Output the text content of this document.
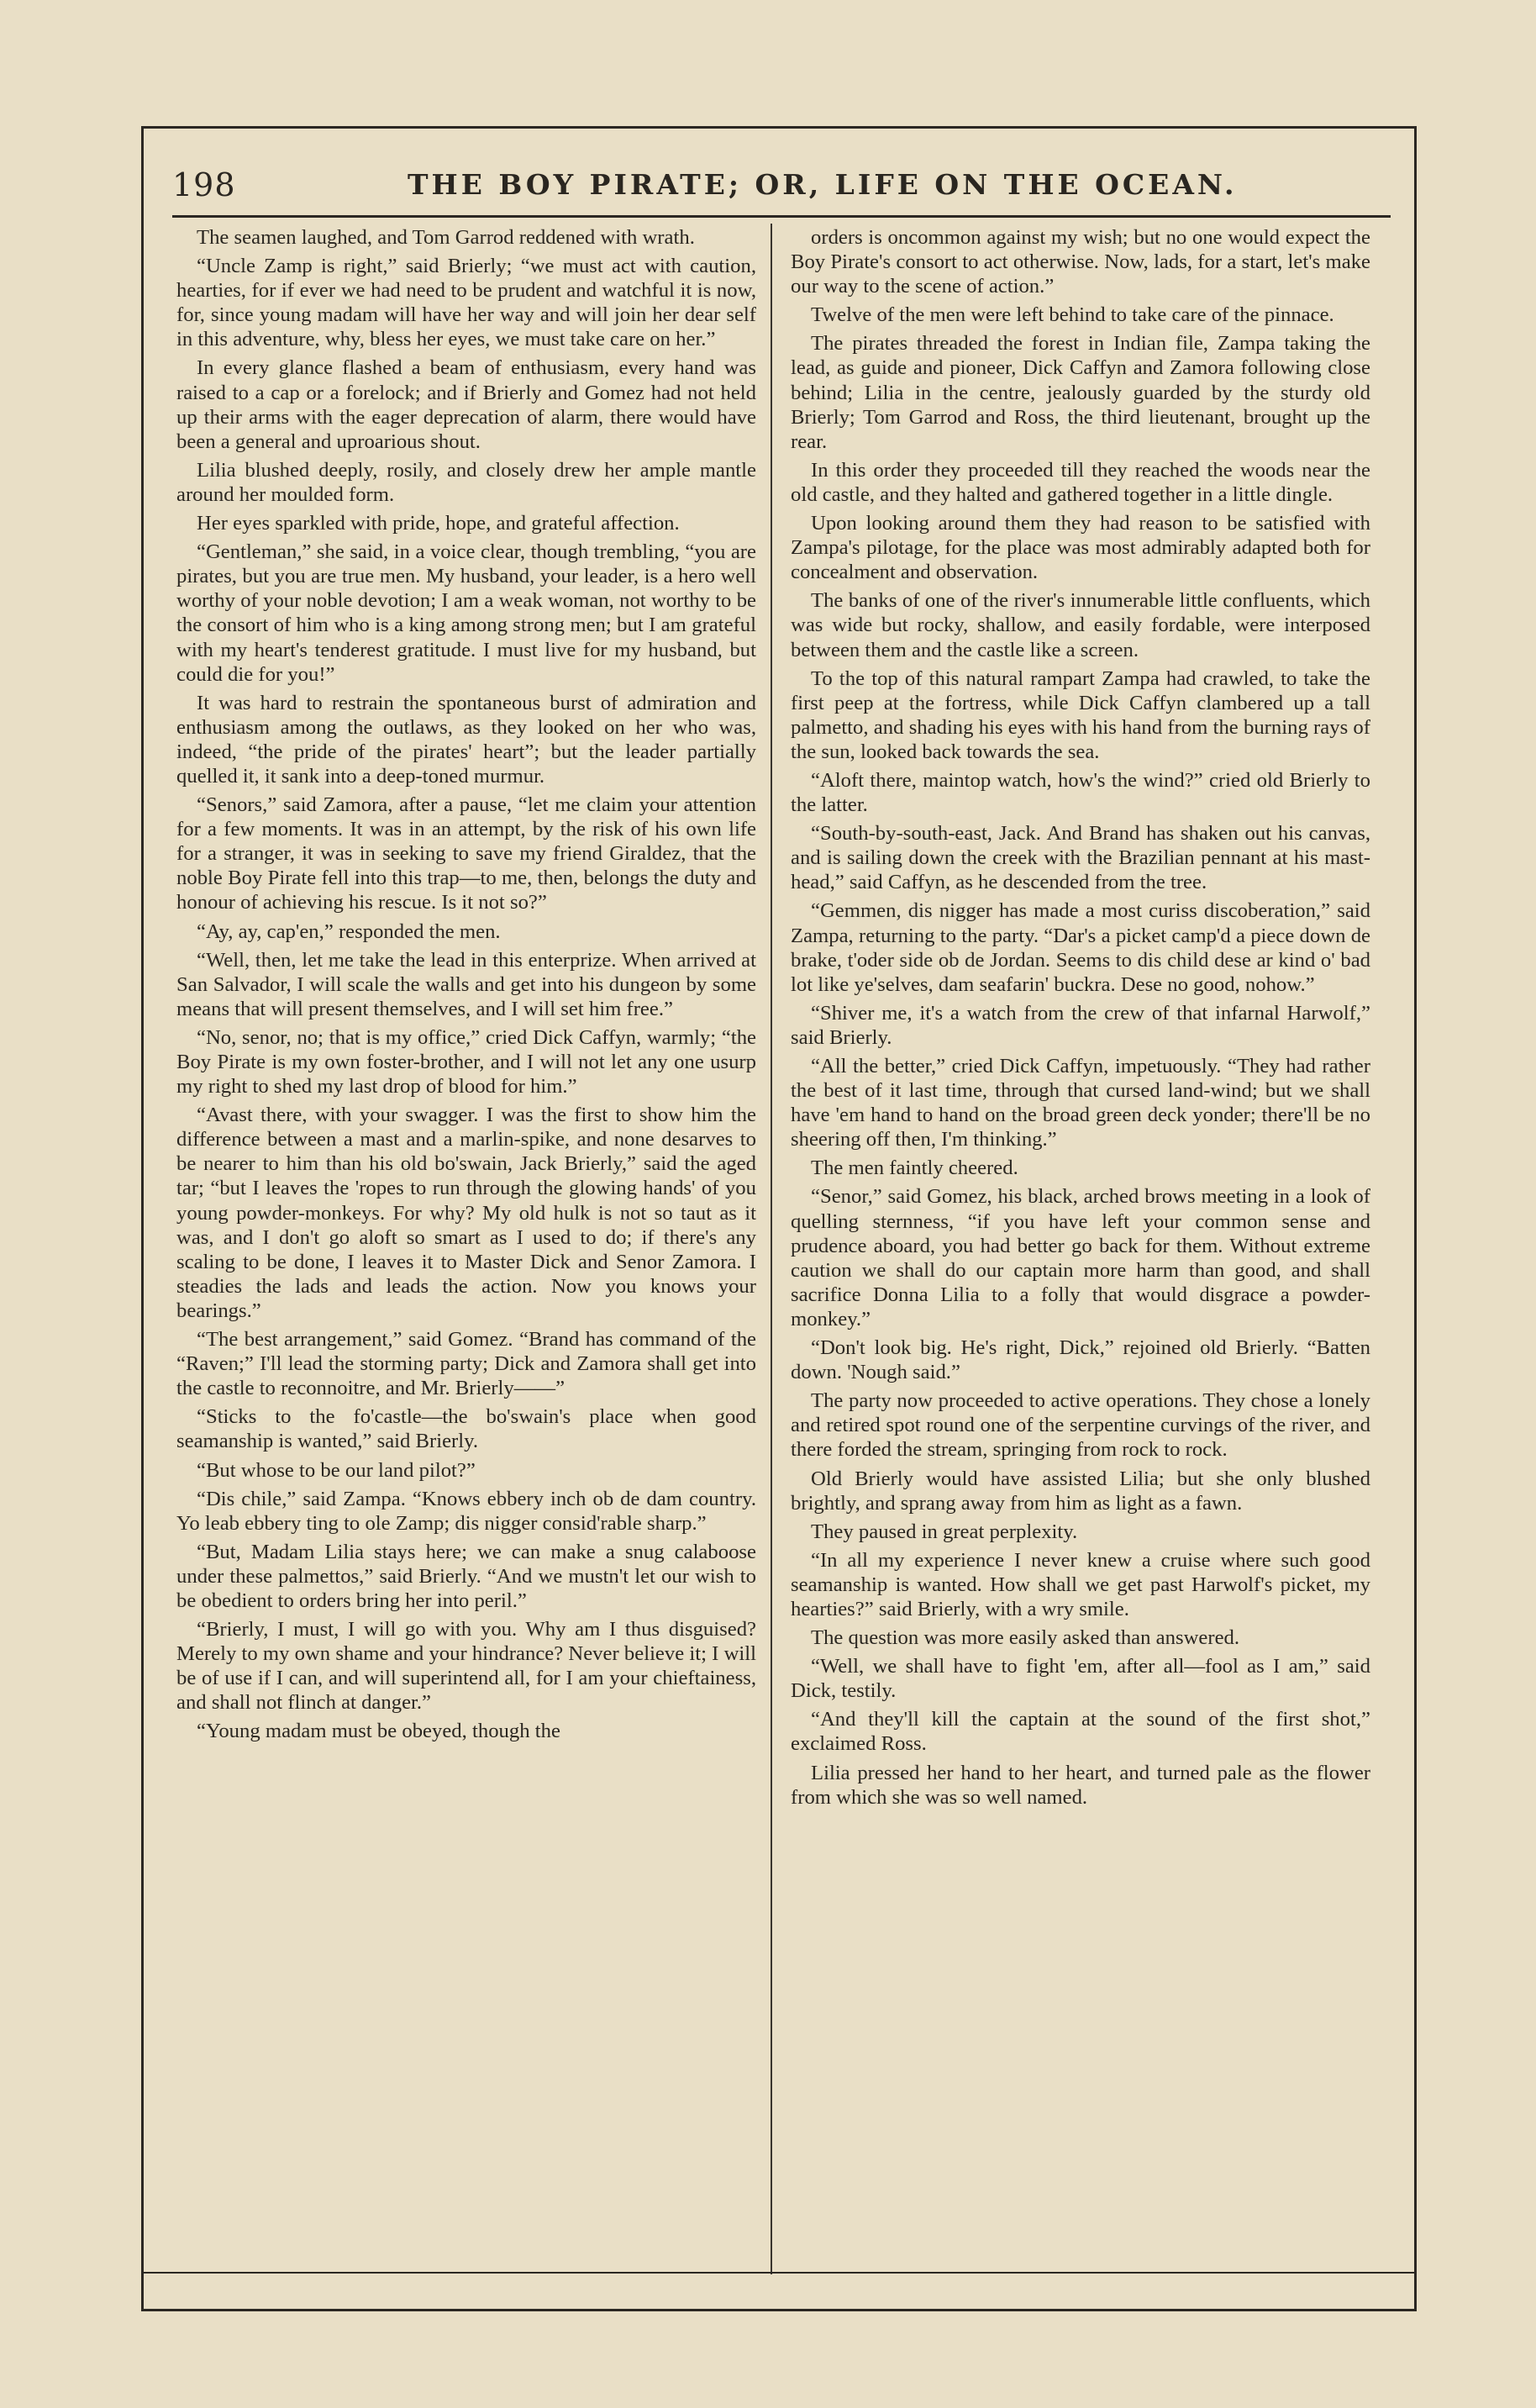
198	THE BOY PIRATE; OR, LIFE ON THE OCEAN.

The seamen laughed, and Tom Garrod reddened with wrath.

“Uncle Zamp is right,” said Brierly; “we must act with caution, hearties, for if ever we had need to be prudent and watchful it is now, for, since young madam will have her way and will join her dear self in this adventure, why, bless her eyes, we must take care on her.”

In every glance flashed a beam of enthusiasm, every hand was raised to a cap or a forelock; and if Brierly and Gomez had not held up their arms with the eager deprecation of alarm, there would have been a general and uproarious shout.

Lilia blushed deeply, rosily, and closely drew her ample mantle around her moulded form.

Her eyes sparkled with pride, hope, and grateful affection.

“Gentleman,” she said, in a voice clear, though trembling, “you are pirates, but you are true men. My husband, your leader, is a hero well worthy of your noble devotion; I am a weak woman, not worthy to be the consort of him who is a king among strong men; but I am grateful with my heart's tenderest gratitude. I must live for my husband, but could die for you!”

It was hard to restrain the spontaneous burst of admiration and enthusiasm among the outlaws, as they looked on her who was, indeed, “the pride of the pirates' heart”; but the leader partially quelled it, it sank into a deep-toned murmur.

“Senors,” said Zamora, after a pause, “let me claim your attention for a few moments. It was in an attempt, by the risk of his own life for a stranger, it was in seeking to save my friend Giraldez, that the noble Boy Pirate fell into this trap—to me, then, belongs the duty and honour of achieving his rescue. Is it not so?”

“Ay, ay, cap'en,” responded the men.

“Well, then, let me take the lead in this enterprize. When arrived at San Salvador, I will scale the walls and get into his dungeon by some means that will present themselves, and I will set him free.”

“No, senor, no; that is my office,” cried Dick Caffyn, warmly; “the Boy Pirate is my own foster-brother, and I will not let any one usurp my right to shed my last drop of blood for him.”

“Avast there, with your swagger. I was the first to show him the difference between a mast and a marlin-spike, and none desarves to be nearer to him than his old bo'swain, Jack Brierly,” said the aged tar; “but I leaves the 'ropes to run through the glowing hands' of you young powder-monkeys. For why? My old hulk is not so taut as it was, and I don't go aloft so smart as I used to do; if there's any scaling to be done, I leaves it to Master Dick and Senor Zamora. I steadies the lads and leads the action. Now you knows your bearings.”

“The best arrangement,” said Gomez. “Brand has command of the “Raven;” I'll lead the storming party; Dick and Zamora shall get into the castle to reconnoitre, and Mr. Brierly——”

“Sticks to the fo'castle—the bo'swain's place when good seamanship is wanted,” said Brierly.

“But whose to be our land pilot?”

“Dis chile,” said Zampa. “Knows ebbery inch ob de dam country. Yo leab ebbery ting to ole Zamp; dis nigger consid'rable sharp.”

“But, Madam Lilia stays here; we can make a snug calaboose under these palmettos,” said Brierly. “And we mustn't let our wish to be obedient to orders bring her into peril.”

“Brierly, I must, I will go with you. Why am I thus disguised? Merely to my own shame and your hindrance? Never believe it; I will be of use if I can, and will superintend all, for I am your chieftainess, and shall not flinch at danger.”

“Young madam must be obeyed, though the

orders is oncommon against my wish; but no one would expect the Boy Pirate's consort to act otherwise. Now, lads, for a start, let's make our way to the scene of action.”

Twelve of the men were left behind to take care of the pinnace.

The pirates threaded the forest in Indian file, Zampa taking the lead, as guide and pioneer, Dick Caffyn and Zamora following close behind; Lilia in the centre, jealously guarded by the sturdy old Brierly; Tom Garrod and Ross, the third lieutenant, brought up the rear.

In this order they proceeded till they reached the woods near the old castle, and they halted and gathered together in a little dingle.

Upon looking around them they had reason to be satisfied with Zampa's pilotage, for the place was most admirably adapted both for concealment and observation.

The banks of one of the river's innumerable little confluents, which was wide but rocky, shallow, and easily fordable, were interposed between them and the castle like a screen.

To the top of this natural rampart Zampa had crawled, to take the first peep at the fortress, while Dick Caffyn clambered up a tall palmetto, and shading his eyes with his hand from the burning rays of the sun, looked back towards the sea.

“Aloft there, maintop watch, how's the wind?” cried old Brierly to the latter.

“South-by-south-east, Jack. And Brand has shaken out his canvas, and is sailing down the creek with the Brazilian pennant at his mast-head,” said Caffyn, as he descended from the tree.

“Gemmen, dis nigger has made a most curiss discoberation,” said Zampa, returning to the party. “Dar's a picket camp'd a piece down de brake, t'oder side ob de Jordan. Seems to dis child dese ar kind o' bad lot like ye'selves, dam seafarin' buckra. Dese no good, nohow.”

“Shiver me, it's a watch from the crew of that infarnal Harwolf,” said Brierly.

“All the better,” cried Dick Caffyn, impetuously. “They had rather the best of it last time, through that cursed land-wind; but we shall have 'em hand to hand on the broad green deck yonder; there'll be no sheering off then, I'm thinking.”

The men faintly cheered.

“Senor,” said Gomez, his black, arched brows meeting in a look of quelling sternness, “if you have left your common sense and prudence aboard, you had better go back for them. Without extreme caution we shall do our captain more harm than good, and shall sacrifice Donna Lilia to a folly that would disgrace a powder-monkey.”

“Don't look big. He's right, Dick,” rejoined old Brierly. “Batten down. 'Nough said.”

The party now proceeded to active operations. They chose a lonely and retired spot round one of the serpentine curvings of the river, and there forded the stream, springing from rock to rock.

Old Brierly would have assisted Lilia; but she only blushed brightly, and sprang away from him as light as a fawn.

They paused in great perplexity.

“In all my experience I never knew a cruise where such good seamanship is wanted. How shall we get past Harwolf's picket, my hearties?” said Brierly, with a wry smile.

The question was more easily asked than answered.

“Well, we shall have to fight 'em, after all—fool as I am,” said Dick, testily.

“And they'll kill the captain at the sound of the first shot,” exclaimed Ross.

Lilia pressed her hand to her heart, and turned pale as the flower from which she was so well named.
